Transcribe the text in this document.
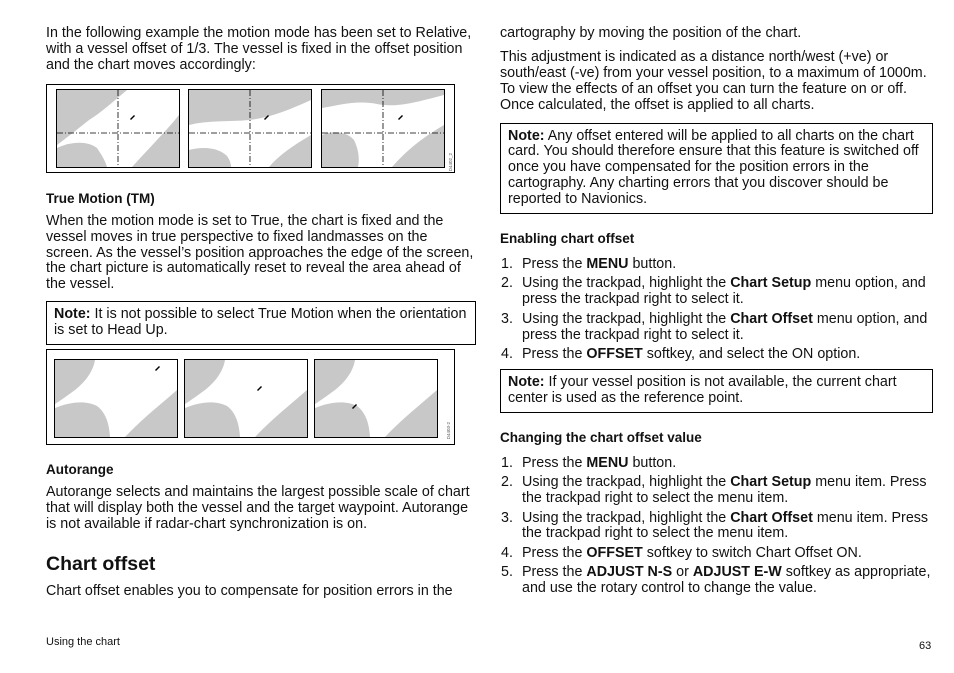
In the following example the motion mode has been set to Relative, with a vessel offset of 1/3. The vessel is fixed in the offset position and the chart moves accordingly:

D4402_2
True Motion (TM)

When the motion mode is set to True, the chart is fixed and the vessel moves in true perspective to fixed landmasses on the screen. As the vessel’s position approaches the edge of the screen, the chart picture is automatically reset to reveal the area ahead of the vessel.

Note: It is not possible to select True Motion when the orientation is set to Head Up.
D4403-2
Autorange

Autorange selects and maintains the largest possible scale of chart that will display both the vessel and the target waypoint. Autorange is not available if radar-chart synchronization is on.

Chart offset

Chart offset enables you to compensate for position errors in the

cartography by moving the position of the chart.

This adjustment is indicated as a distance north/west (+ve) or south/east (-ve) from your vessel position, to a maximum of 1000m. To view the effects of an offset you can turn the feature on or off. Once calculated, the offset is applied to all charts.

Note: Any offset entered will be applied to all charts on the chart card. You should therefore ensure that this feature is switched off once you have compensated for the position errors in the cartography. Any charting errors that you discover should be reported to Navionics.
Enabling chart offset
1. Press the MENU button.
2. Using the trackpad, highlight the Chart Setup menu option, and press the trackpad right to select it.
3. Using the trackpad, highlight the Chart Offset menu option, and press the trackpad right to select it.
4. Press the OFFSET softkey, and select the ON option.
Note: If your vessel position is not available, the current chart center is used as the reference point.
Changing the chart offset value
1. Press the MENU button.
2. Using the trackpad, highlight the Chart Setup menu item. Press the trackpad right to select the menu item.
3. Using the trackpad, highlight the Chart Offset menu item. Press the trackpad right to select the menu item.
4. Press the OFFSET softkey to switch Chart Offset ON.
5. Press the ADJUST N-S or ADJUST E-W softkey as appropriate, and use the rotary control to change the value.
Using the chart	63
